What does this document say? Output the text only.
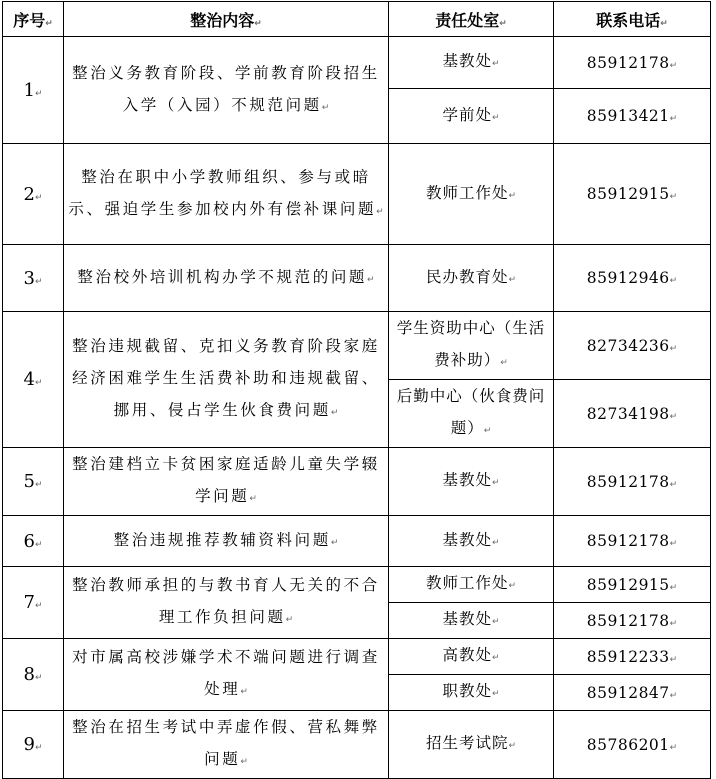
序号↵	整治内容↵	责任处室↵	联系电话↵
1↵	整治义务教育阶段、学前教育阶段招生入学（入园）不规范问题↵	基教处↵	85912178↵
		学前处↵	85913421↵
2↵	整治在职中小学教师组织、参与或暗示、强迫学生参加校内外有偿补课问题↵	教师工作处↵	85912915↵
3↵	整治校外培训机构办学不规范的问题↵	民办教育处↵	85912946↵
4↵	整治违规截留、克扣义务教育阶段家庭经济困难学生生活费补助和违规截留、挪用、侵占学生伙食费问题↵	学生资助中心（生活费补助）↵	82734236↵
		后勤中心（伙食费问题）↵	82734198↵
5↵	整治建档立卡贫困家庭适龄儿童失学辍学问题↵	基教处↵	85912178↵
6↵	整治违规推荐教辅资料问题↵	基教处↵	85912178↵
7↵	整治教师承担的与教书育人无关的不合理工作负担问题↵	教师工作处↵	85912915↵
		基教处↵	85912178↵
8↵	对市属高校涉嫌学术不端问题进行调查处理↵	高教处↵	85912233↵
		职教处↵	85912847↵
9↵	整治在招生考试中弄虚作假、营私舞弊问题↵	招生考试院↵	85786201↵
